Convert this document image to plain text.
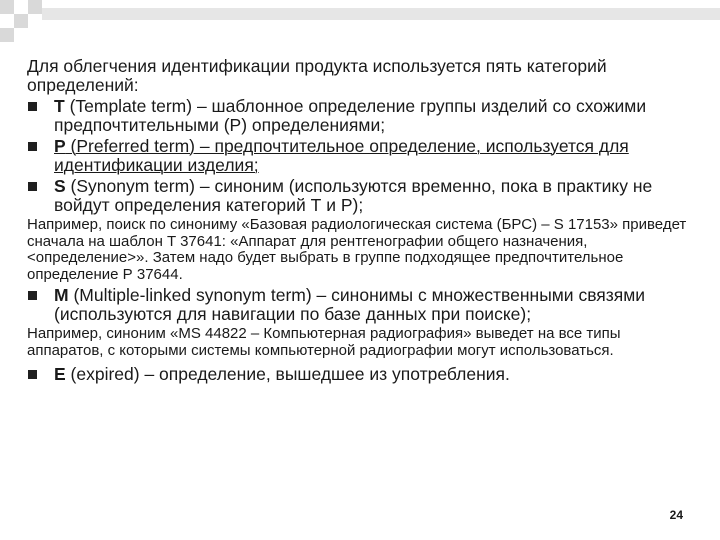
Для облегчения идентификации продукта используется пять категорий определений:

T (Template term) – шаблонное определение группы изделий со схожими предпочтительными (P) определениями;
P (Preferred term) – предпочтительное определение, используется для идентификации изделия;
S (Synonym term) – синоним (используются временно, пока в практику не войдут определения категорий Т и Р);

Например, поиск по синониму «Базовая радиологическая система (БРС) – S 17153» приведет сначала на шаблон T 37641: «Аппарат для рентгенографии общего назначения, <определение>». Затем надо будет выбрать в группе подходящее предпочтительное определение Р 37644.

M (Multiple-linked synonym term) – синонимы с множественными связями (используются для навигации по базе данных при поиске);

Например, синоним «MS 44822 – Компьютерная радиография» выведет на все типы аппаратов, с которыми системы компьютерной радиографии могут использоваться.

E (expired) – определение, вышедшее из употребления.
24
